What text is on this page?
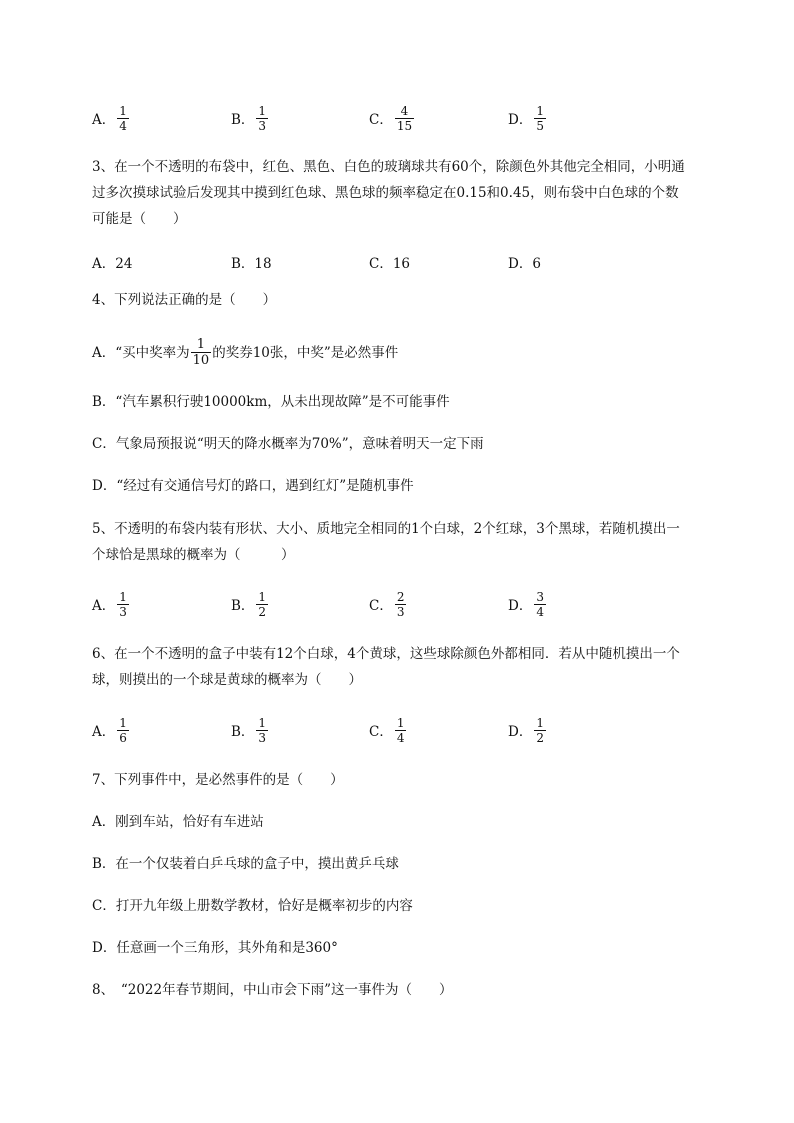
A． $\frac{1}{4}$	B． $\frac{1}{3}$	C． $\frac{4}{15}$	D． $\frac{1}{5}$
3、在一个不透明的布袋中，红色、黑色、白色的玻璃球共有60个，除颜色外其他完全相同，小明通
过多次摸球试验后发现其中摸到红色球、黑色球的频率稳定在0.15和0.45，则布袋中白色球的个数
可能是（　　）
A．24	B．18	C．16	D．6
4、下列说法正确的是（　　）
A．“买中奖率为 $\frac{1}{10}$ 的奖券10张，中奖”是必然事件
B．“汽车累积行驶10000km，从未出现故障”是不可能事件
C．气象局预报说“明天的降水概率为70%”，意味着明天一定下雨
D．“经过有交通信号灯的路口，遇到红灯”是随机事件
5、不透明的布袋内装有形状、大小、质地完全相同的1个白球，2个红球，3个黑球，若随机摸出一
个球恰是黑球的概率为（　　　）
A． $\frac{1}{3}$	B． $\frac{1}{2}$	C． $\frac{2}{3}$	D． $\frac{3}{4}$
6、在一个不透明的盒子中装有12个白球，4个黄球，这些球除颜色外都相同．若从中随机摸出一个
球，则摸出的一个球是黄球的概率为（　　）
A． $\frac{1}{6}$	B． $\frac{1}{3}$	C． $\frac{1}{4}$	D． $\frac{1}{2}$
7、下列事件中，是必然事件的是（　　）
A．刚到车站，恰好有车进站
B．在一个仅装着白乒乓球的盒子中，摸出黄乒乓球
C．打开九年级上册数学教材，恰好是概率初步的内容
D．任意画一个三角形，其外角和是360°
8、　“2022年春节期间，中山市会下雨”这一事件为（　　）
